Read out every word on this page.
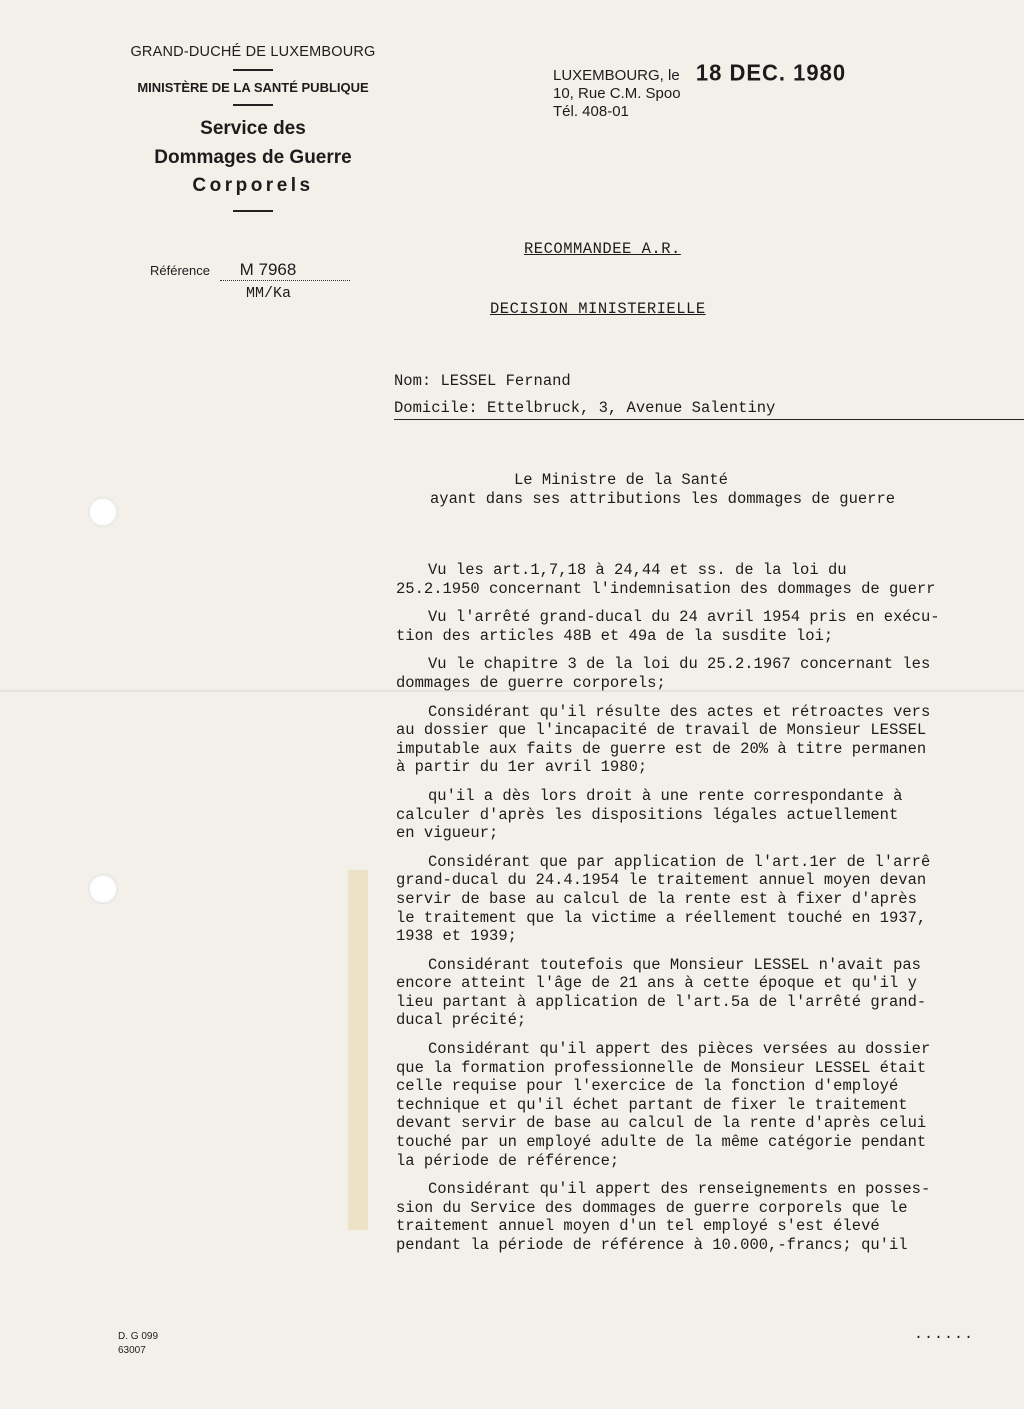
GRAND-DUCHÉ DE LUXEMBOURG
MINISTÈRE DE LA SANTÉ PUBLIQUE
Service des
Dommages de Guerre
Corporels
Référence M 7968
MM/Ka
LUXEMBOURG, le 18 DEC. 1980
10, Rue C.M. Spoo
Tél. 408-01
RECOMMANDEE A.R.
DECISION MINISTERIELLE
Nom: LESSEL Fernand
Domicile: Ettelbruck, 3, Avenue Salentiny
Le Ministre de la Santé
ayant dans ses attributions les dommages de guerre
Vu les art.1,7,18 à 24,44 et ss. de la loi du
25.2.1950 concernant l'indemnisation des dommages de guerr
Vu l'arrêté grand-ducal du 24 avril 1954 pris en exécu-
tion des articles 48B et 49a de la susdite loi;
Vu le chapitre 3 de la loi du 25.2.1967 concernant les
dommages de guerre corporels;
Considérant qu'il résulte des actes et rétroactes vers
au dossier que l'incapacité de travail de Monsieur LESSEL
imputable aux faits de guerre est de 20% à titre permanen
à partir du 1er avril 1980;
qu'il a dès lors droit à une rente correspondante à
calculer d'après les dispositions légales actuellement
en vigueur;
Considérant que par application de l'art.1er de l'arrê
grand-ducal du 24.4.1954 le traitement annuel moyen devan
servir de base au calcul de la rente est à fixer d'après
le traitement que la victime a réellement touché en 1937,
1938 et 1939;
Considérant toutefois que Monsieur LESSEL n'avait pas
encore atteint l'âge de 21 ans à cette époque et qu'il y
lieu partant à application de l'art.5a de l'arrêté grand-
ducal précité;
Considérant qu'il appert des pièces versées au dossier
que la formation professionnelle de Monsieur LESSEL était
celle requise pour l'exercice de la fonction d'employé
technique et qu'il échet partant de fixer le traitement
devant servir de base au calcul de la rente d'après celui
touché par un employé adulte de la même catégorie pendant
la période de référence;
Considérant qu'il appert des renseignements en posses-
sion du Service des dommages de guerre corporels que le
traitement annuel moyen d'un tel employé s'est élevé
pendant la période de référence à 10.000,-francs; qu'il
......
D. G 099
63007
